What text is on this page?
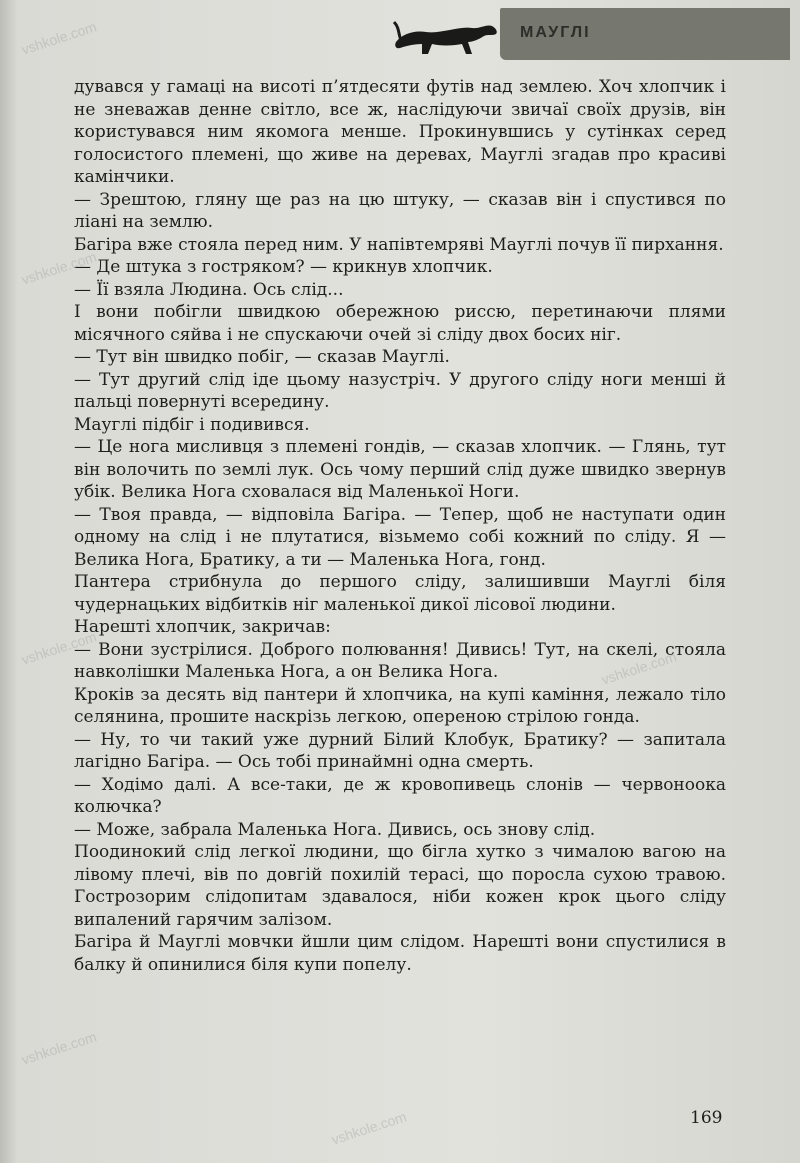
МАУГЛІ

дувався у гамаці на висоті п’ятдесяти футів над землею. Хоч хлопчик і не зневажав денне світло, все ж, наслідуючи звичаї своїх друзів, він користувався ним якомога менше. Прокинувшись у сутінках серед голосистого племені, що живе на деревах, Мауглі згадав про красиві камінчики.

— Зрештою, гляну ще раз на цю штуку, — сказав він і спустився по ліані на землю.

Багіра вже стояла перед ним. У напівтемряві Мауглі почув її пирхання.

— Де штука з гостряком? — крикнув хлопчик.

— Її взяла Людина. Ось слід...

І вони побігли швидкою обережною риссю, перетинаючи плями місячного сяйва і не спускаючи очей зі сліду двох босих ніг.

— Тут він швидко побіг, — сказав Мауглі.

— Тут другий слід іде цьому назустріч. У другого сліду ноги менші й пальці повернуті всередину.

Мауглі підбіг і подивився.

— Це нога мисливця з племені гондів, — сказав хлопчик. — Глянь, тут він волочить по землі лук. Ось чому перший слід дуже швидко звернув убік. Велика Нога сховалася від Маленької Ноги.

— Твоя правда, — відповіла Багіра. — Тепер, щоб не наступати один одному на слід і не плутатися, візьмемо собі кожний по сліду. Я — Велика Нога, Братику, а ти — Маленька Нога, гонд.

Пантера стрибнула до першого сліду, залишивши Мауглі біля чудернацьких відбитків ніг маленької дикої лісової людини.

Нарешті хлопчик, закричав:

— Вони зустрілися. Доброго полювання! Дивись! Тут, на скелі, стояла навколішки Маленька Нога, а он Велика Нога.

Кроків за десять від пантери й хлопчика, на купі каміння, лежало тіло селянина, прошите наскрізь легкою, опереною стрілою гонда.

— Ну, то чи такий уже дурний Білий Клобук, Братику? — запитала лагідно Багіра. — Ось тобі принаймні одна смерть.

— Ходімо далі. А все-таки, де ж кровопивець слонів — червоноока колючка?

— Може, забрала Маленька Нога. Дивись, ось знову слід.

Поодинокий слід легкої людини, що бігла хутко з чималою вагою на лівому плечі, вів по довгій похилій терасі, що поросла сухою травою. Гострозорим слідопитам здавалося, ніби кожен крок цього сліду випалений гарячим залізом.

Багіра й Мауглі мовчки йшли цим слідом. Нарешті вони спустилися в балку й опинилися біля купи попелу.

169
vshkole.com
vshkole.com
vshkole.com
vshkole.com
vshkole.com
vshkole.com
